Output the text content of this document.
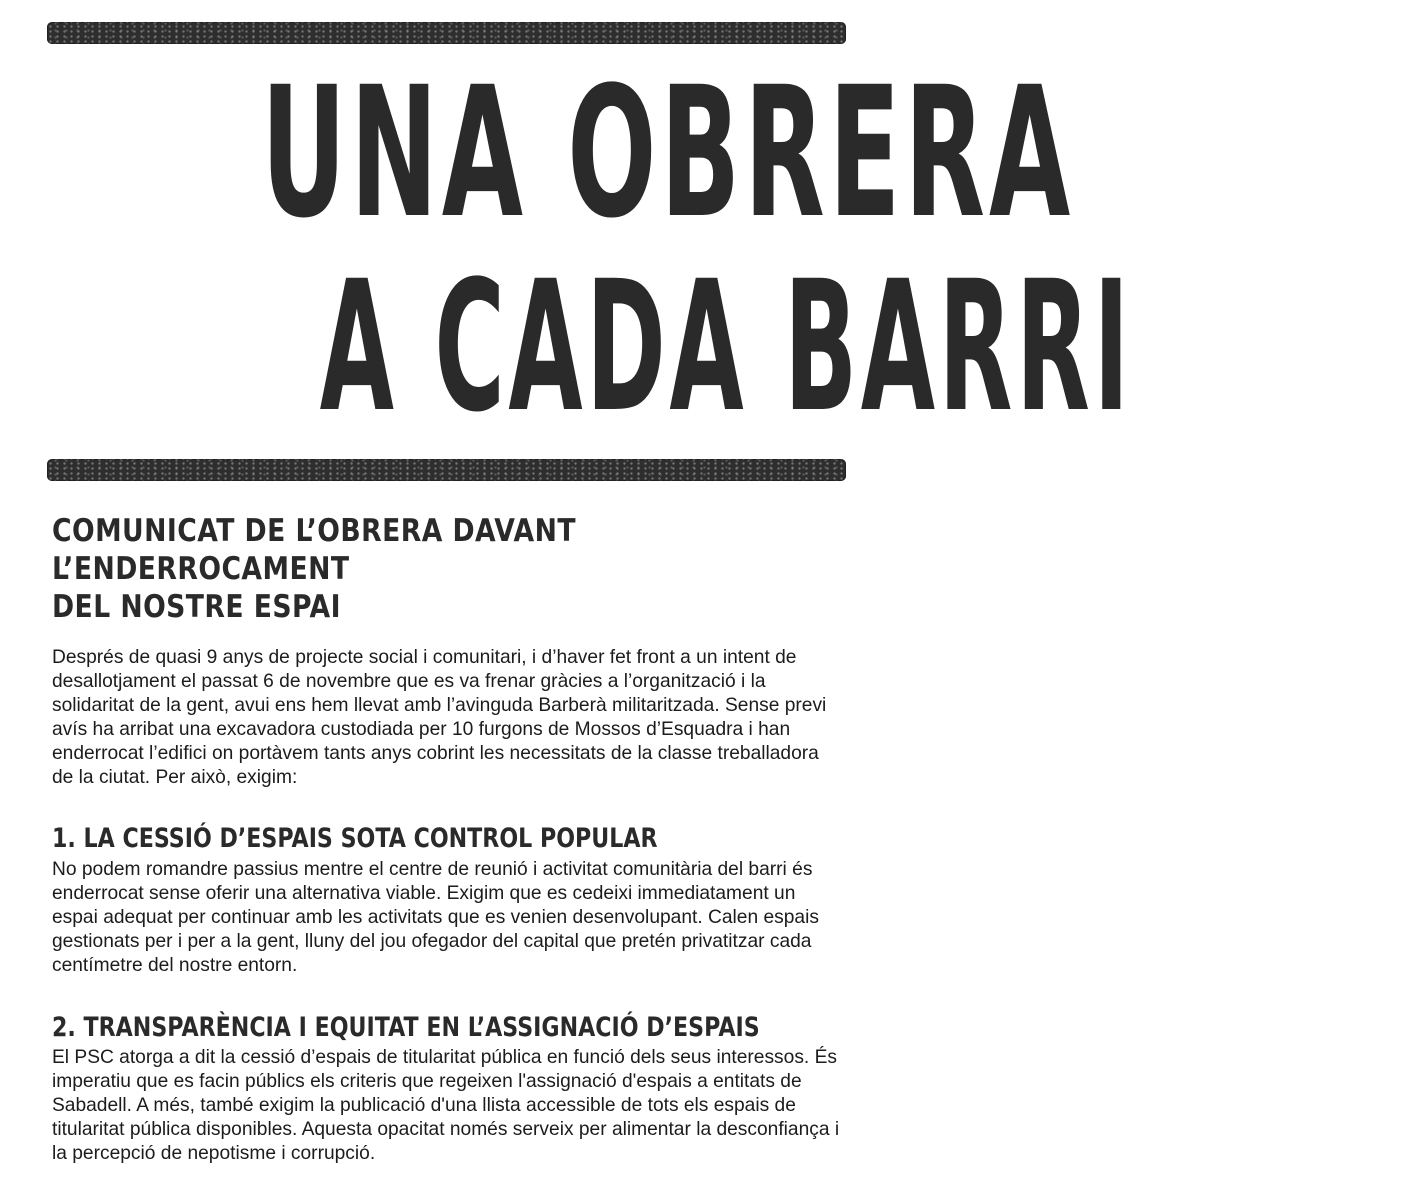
UNA OBRERA
A CADA BARRI
COMUNICAT DE L’OBRERA DAVANT L’ENDERROCAMENT
DEL NOSTRE ESPAI

Després de quasi 9 anys de projecte social i comunitari, i d’haver fet front a un intent de desallotjament el passat 6 de novembre que es va frenar gràcies a l’organització i la solidaritat de la gent, avui ens hem llevat amb l’avinguda Barberà militaritzada. Sense previ avís ha arribat una excavadora custodiada per 10 furgons de Mossos d’Esquadra i han enderrocat l’edifici on portàvem tants anys cobrint les necessitats de la classe treballadora de la ciutat. Per això, exigim:

1. LA CESSIÓ D’ESPAIS SOTA CONTROL POPULAR

No podem romandre passius mentre el centre de reunió i activitat comunitària del barri és enderrocat sense oferir una alternativa viable. Exigim que es cedeixi immediatament un espai adequat per continuar amb les activitats que es venien desenvolupant. Calen espais gestionats per i per a la gent, lluny del jou ofegador del capital que pretén privatitzar cada centímetre del nostre entorn.

2. TRANSPARÈNCIA I EQUITAT EN L’ASSIGNACIÓ D’ESPAIS

El PSC atorga a dit la cessió d’espais de titularitat pública en funció dels seus interessos. És imperatiu que es facin públics els criteris que regeixen l'assignació d'espais a entitats de Sabadell. A més, també exigim la publicació d'una llista accessible de tots els espais de titularitat pública disponibles. Aquesta opacitat només serveix per alimentar la desconfiança i la percepció de nepotisme i corrupció.
